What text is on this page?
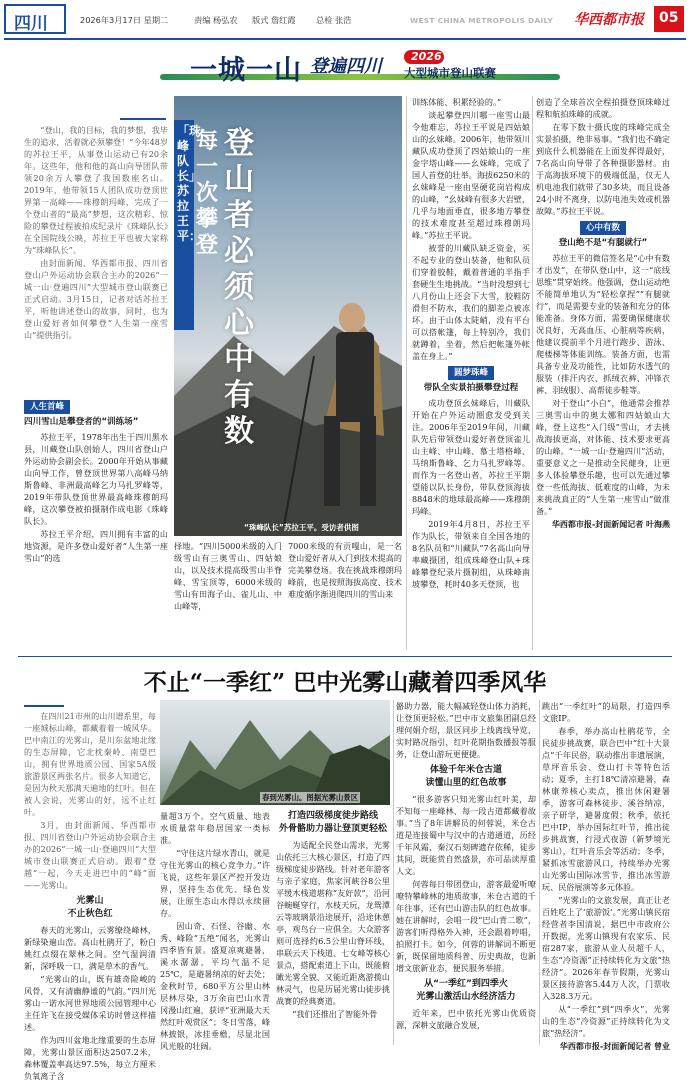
四川	2026年3月17日 星期二	责编 杨弘农 版式 詹红霞 总检 张浩	WEST CHINA METROPOLIS DAILY 华西都市报 05
一城一山 登遍四川	2026
大型城市登山联赛

“登山，我的目标，我的梦想，我毕生的追求，活着就必须攀登！”今年48岁的苏拉王平，从事登山运动已有20余年。这些年，他和他的高山向导团队带领20余万人攀登了我国数座名山。2019年，他带领15人团队成功登顶世界第一高峰——珠穆朗玛峰，完成了一个登山者的“最高”梦想，这次精彩、惊险的攀登过程被拍成纪录片《珠峰队长》在全国院线公映，苏拉王平也被大家称为“珠峰队长”。

由封面新闻、华西都市报、四川省登山户外运动协会联合主办的2026“一城一山·登遍四川”大型城市登山联赛已正式启动。3月15日，记者对话苏拉王平，听他讲述登山的故事，同时，也为登山爱好者如何攀登“人生第一座雪山”提供指引。

人生首峰
四川雪山是攀登者的“训练场”

苏拉王平，1978年出生于四川黑水县，川藏登山队创始人，四川省登山户外运动协会副会长。2000年开始从事藏山向导工作，曾登顶世界第八高峰马纳斯鲁峰、非洲最高峰乞力马扎罗峰等，2019年带队登顶世界最高峰珠穆朗玛峰，这次攀登被拍摄制作成电影《珠峰队长》。

苏拉王平介绍，四川拥有丰富的山地资源，是许多登山爱好者“人生第一座雪山”的选

登山者必须心中有数
每一次攀登
「珠峰队长」苏拉王平：
“珠峰队长”苏拉王平。受访者供图

择地。“四川5000米级的入门级雪山有三奥雪山、四姑娘山，以及技术提高级雪山半脊峰、雪宝顶等，6000米级的雪山有田海子山、雀儿山、中山峰等，

7000米级的有贡嘎山，是一名登山爱好者从入门到技术提高的完美攀登场。我在挑战珠穆朗玛峰前，也是按照海拔高度、技术难度循序渐进爬四川的雪山来

训练体能、积累经验的。”

谈起攀登四川哪一座雪山最令他难忘，苏拉王平说是四姑娘山的幺妹峰。2006年，他带领川藏队成功登顶了四姑娘山的一座金字塔山峰——幺妹峰，完成了国人首登的壮举。海拔6250米的幺妹峰是一座由坚硬花岗岩构成的山峰，“幺妹峰有很多大岩壁，几乎与地面垂直，很多地方攀登的技术难度甚至超过珠穆朗玛峰。”苏拉王平说。

被誉的川藏队缺乏资金，买不起专业的登山装备，他和队员们穿着胶鞋，戴着普通的半指手套硬生生地挑战。“当时没想到七八月份山上还会下大雪，胶鞋防滑但不防水，我们的脚差点被冻坏。由于山体太陡峭，没有平台可以搭帐篷，每上特别冷，我们就蹲着，坐着，然后把帐篷外帐盖在身上。”

圆梦珠峰
带队全实景拍摄攀登过程

成功登顶幺妹峰后，川藏队开始在户外运动圈愈发受到关注。2006年至2019年间，川藏队先后带领登山爱好者登顶雀儿山主峰、中山峰、慕士塔格峰、马纳斯鲁峰、乞力马扎罗峰等。而作为一名登山者，苏拉王平期望能以队长身份，带队登顶海拔8848米的地球最高峰——珠穆朗玛峰。

2019年4月8日，苏拉王平作为队长，带领来自全国各地的8名队员和“川藏队”7名高山向导率藏摄团，组成珠峰登山队+珠峰攀登纪录片摄制组，从珠峰南坡攀登，耗时40多天登顶，也

创造了全球首次全程拍摄登顶珠峰过程和航拍珠峰的成就。

在零下数十摄氏度的珠峰完成全实景拍摄，绝非易事。“我们也不确定到底什么机器能在上面发挥得最好，7名高山向导带了各种摄影器材。由于高海拔环境下的极端低温，仅无人机电池我们就带了30多块，而且设备24小时不离身，以防电池失效或机器故障。”苏拉王平说。

心中有数
登山绝不是“有腿就行”

苏拉王平的微信签名是“心中有数才出发”，在带队登山中，这一“底线思维”贯穿始终。他强调，登山运动绝不能简单地认为“轻松拿捏”“有腿就行”，而是需要专业的装备和充分的体能准备。身体方面，需要确保健康状况良好，无高血压、心脏病等疾病，他建议提前半个月进行跑步、游泳、爬楼梯等体能训练。装备方面，也需具备专业及功能性，比如防水透气的服装（排汗内衣、抓绒衣裤、冲锋衣裤、羽绒服）、高帮徒步鞋等。

对于登山“小白”，他通常会推荐三奥雪山中的奥太娜和四姑娘山大峰，登上这些“入门级”雪山，才去挑战海拔更高，对体能、技术要求更高的山峰。“一城一山·登遍四川”活动，重要意义之一是推动全民健身，让更多人体验攀登乐趣，也可以先通过攀登一些低海拔、低难度的山峰，为未来挑战真正的“人生第一座雪山”做准备。”

华西都市报-封面新闻记者 叶海燕
不止“一季红” 巴中光雾山藏着四季风华

在四川21市州的山川谱系里，每一座城标山峰，都藏着着一城风华。巴中南江的光雾山，是川东盆地北缘的生态屏障，它北枕秦岭、南望巴山，拥有世界地质公园、国家5A级旅游景区两张名片。很多人知道它，是因为秋天那满天遍地的红叶。但在被人会说，光雾山的好，远不止红叶。

3月，由封面新闻、华西都市报、四川省登山户外运动协会联合主办的2026“一城一山·登遍四川”大型城市登山联赛正式启动。跟着“登越”一起，今天走进巴中的“峰”面——光雾山。

光雾山
不止秋色红

春天的光雾山，云雾缭绕峰林，新绿染遍山峦。高山杜鹃开了，粉白姚红点缀在翠林之间。空气湿润清新，深呼吸一口，满是草木的香气。

“光雾山的山，既有雄奇险峻的风骨，又有清幽静谧的气韵。”四川光雾山一诺水河世界地质公园管理中心主任许飞在接受媒体采访时曾这样描述。

作为四川盆地北缘重要的生态屏障，光雾山景区面积达2507.2米，森林覆盖率高达97.5%，每立方厘米负氧离子含

春到光雾山。图据光雾山景区

量超3万个。空气质量、地表水质量常年稳居国家一类标准。

“守住这片绿水青山，就是守住光雾山的核心竞争力。”许飞说，这些年景区严控开发边界，坚持生态优先、绿色发展，让原生态山水得以永续留存。

因山奇、石怪、谷幽、水秀、峰险“五绝”闻名，光雾山四季皆有景。盛夏凉爽避暑，溪水潺潺，平均气温不足25℃，是避暑纳凉的好去处；金秋时节，680平方公里山林层林尽染，3万余亩巴山水青冈漫山红遍，获评“亚洲最大天然红叶观赏区”；冬日雪落，峰林披银，冰挂垂檐，尽显北国风光般的壮阔。

打造四级梯度徒步路线
外骨骼助力器让登顶更轻松

为适配全民登山需求，光雾山依托三大核心景区，打造了四级梯度徒步路线。针对老年游客与亲子家庭，焦家河峡谷8公里平缓木栈道堪称“友好款”，沿河谷蜿蜒穿行，水枝天玩，龙鸳潭云等玻璃景沿途展开，沿途休憩亭，观鸟台一应俱全。大众游客则可选择约6.5公里山脊环线，串联云天下栈道、七女峰等核心景点，搭配索道上下山，既能俯瞰光雾全貌、又能近距离游揽山林灵气，也是历届光雾山徒步挑战赛的经典赛道。

“我们还推出了智能外骨

骼助力器，能大幅减轻登山体力消耗，让登顶更轻松。”巴中市文旅集团副总经理何娟介绍，景区同步上线离线导览、实时路况指引，红叶花期指数播报等服务，让登山游玩更便捷。

体验千年米仓古道
读懂山里的红色故事

“很多游客只知光雾山红叶美，却不知每一座峰林、每一段古道都藏着故事。”当了8年讲解员的何蓉说，米仓古道是连接蜀中与汉中的古道通道，历经千年风霜，秦汉石刻碑遗存依稀，徒步其间，既能赏自然盛景，亦可品读厚重人文。

何蓉每日带团登山，游客最爱听嘹嘹特攀峰林的地质故事，米仓古道的千年往事，还有巴山游击队的红色故事。她在讲解时，会唱一段“巴山背二歌”，游客们听得格外入神，还会跟着哼唱，拍照打卡。如今，何蓉的讲解词不断更新，既保留地质科普、历史典故，也新增文旅新业态，便民服务举措。

从“一季红”到四季火
光雾山激活山水经济活力

近年来，巴中依托光雾山优质资源，深耕文旅融合发展，

跳出“一季红叶”的局限，打造四季文旅IP。

春季，举办高山杜鹃花节，全民徒步挑战赛，联合巴中“红十大景点”千年民俗，联动推出非遗展演，草坪音乐会、登山打卡等特色活动；夏季，主打18℃清凉避暑，森林康养核心卖点，推出休闲避暑季，游客可森林徒步、溪谷纳凉，亲子研学，避暑度假；秋季，依托巴中IP，举办国际红叶节，推出徒步挑战赛，行浸式夜游（新梦境光雾山），红叶音乐会等活动；冬季，紧抓冰雪旅游风口，持续举办光雾山光雾山国际冰雪节，推出冰雪游玩、民俗展演等多元体验。

“光雾山的文旅发展，真正让老百姓吃上了‘旅游饭’。”光雾山镇民宿经营者李国清说，据巴中市政府公开数据，光雾山镇现有农家乐、民宿287家，旅游从业人员超千人，生态“冷资源”正持续转化为文旅“热经济”。2026年春节假期，光雾山景区接待游客5.44万人次，门票收入328.3万元。

从“一季红”到“四季火”，光雾山的生态“冷资源”正持续转化为文旅“热经济”。

华西都市报-封面新闻记者 曾业
